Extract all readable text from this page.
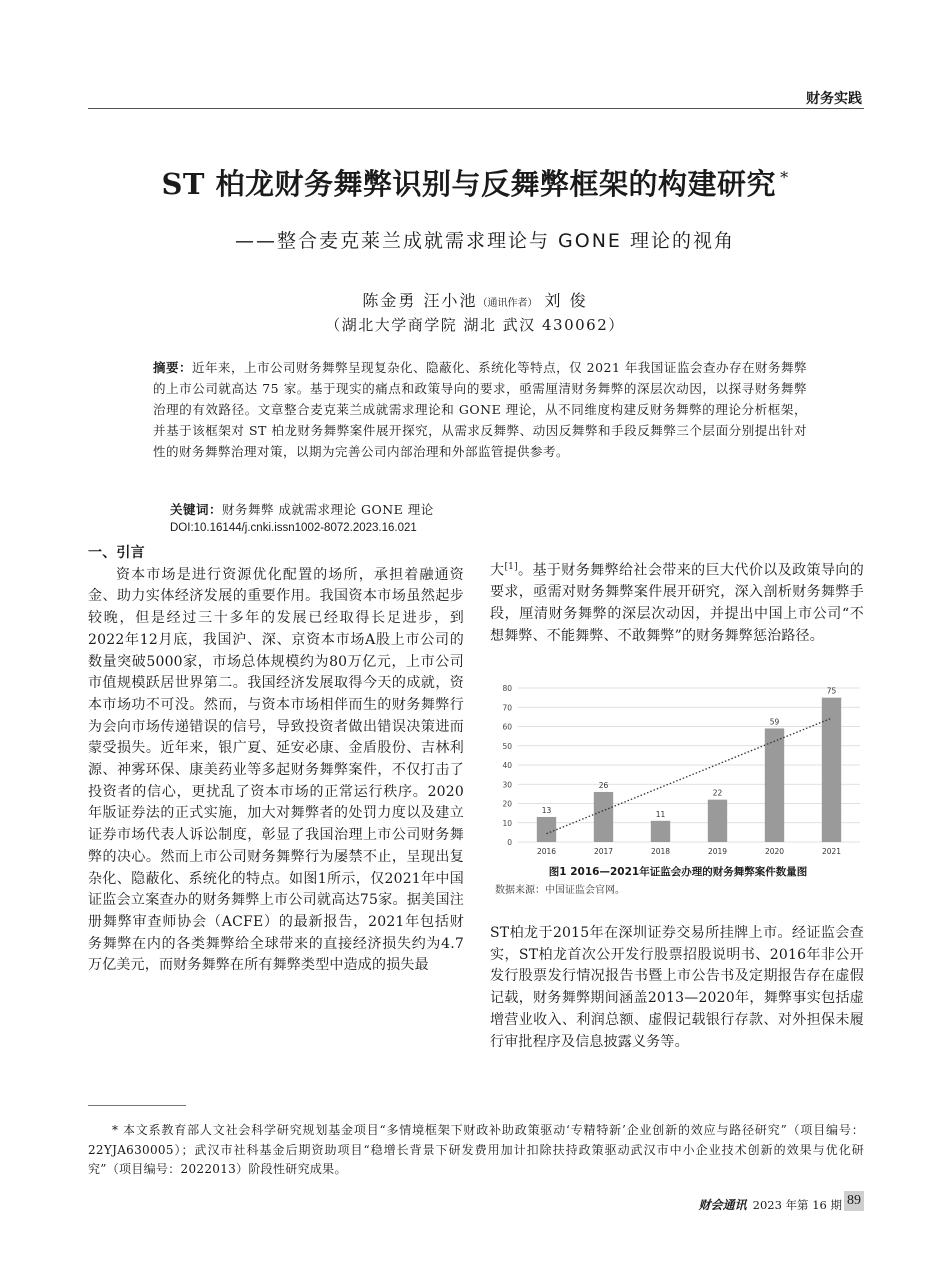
财务实践
ST 柏龙财务舞弊识别与反舞弊框架的构建研究 *
——整合麦克莱兰成就需求理论与 GONE 理论的视角
陈金勇 汪小池（通讯作者） 刘 俊
（湖北大学商学院 湖北 武汉 430062）
摘要：近年来，上市公司财务舞弊呈现复杂化、隐蔽化、系统化等特点，仅 2021 年我国证监会查办存在财务舞弊的上市公司就高达 75 家。基于现实的痛点和政策导向的要求，亟需厘清财务舞弊的深层次动因，以探寻财务舞弊治理的有效路径。文章整合麦克莱兰成就需求理论和 GONE 理论，从不同维度构建反财务舞弊的理论分析框架，并基于该框架对 ST 柏龙财务舞弊案件展开探究，从需求反舞弊、动因反舞弊和手段反舞弊三个层面分别提出针对性的财务舞弊治理对策，以期为完善公司内部治理和外部监管提供参考。
关键词：财务舞弊 成就需求理论 GONE 理论
DOI:10.16144/j.cnki.issn1002-8072.2023.16.021
一、引言

资本市场是进行资源优化配置的场所，承担着融通资金、助力实体经济发展的重要作用。我国资本市场虽然起步较晚，但是经过三十多年的发展已经取得长足进步，到2022年12月底，我国沪、深、京资本市场A股上市公司的数量突破5000家，市场总体规模约为80万亿元，上市公司市值规模跃居世界第二。我国经济发展取得今天的成就，资本市场功不可没。然而，与资本市场相伴而生的财务舞弊行为会向市场传递错误的信号，导致投资者做出错误决策进而蒙受损失。近年来，银广夏、延安必康、金盾股份、吉林利源、神雾环保、康美药业等多起财务舞弊案件，不仅打击了投资者的信心，更扰乱了资本市场的正常运行秩序。2020年版证券法的正式实施，加大对舞弊者的处罚力度以及建立证券市场代表人诉讼制度，彰显了我国治理上市公司财务舞弊的决心。然而上市公司财务舞弊行为屡禁不止，呈现出复杂化、隐蔽化、系统化的特点。如图1所示，仅2021年中国证监会立案查办的财务舞弊上市公司就高达75家。据美国注册舞弊审查师协会（ACFE）的最新报告，2021年包括财务舞弊在内的各类舞弊给全球带来的直接经济损失约为4.7万亿美元，而财务舞弊在所有舞弊类型中造成的损失最

大[1]。基于财务舞弊给社会带来的巨大代价以及政策导向的要求，亟需对财务舞弊案件展开研究，深入剖析财务舞弊手段，厘清财务舞弊的深层次动因，并提出中国上市公司“不想舞弊、不能舞弊、不敢舞弊”的财务舞弊惩治路径。

0
10
20
30
40
50
60
70
80
13
2016
26
2017
11
2018
22
2019
59
2020
75
2021
图1 2016—2021年证监会办理的财务舞弊案件数量图
数据来源：中国证监会官网。

ST柏龙于2015年在深圳证券交易所挂牌上市。经证监会查实，ST柏龙首次公开发行股票招股说明书、2016年非公开发行股票发行情况报告书暨上市公告书及定期报告存在虚假记载，财务舞弊期间涵盖2013—2020年，舞弊事实包括虚增营业收入、利润总额、虚假记载银行存款、对外担保未履行审批程序及信息披露义务等。

* 本文系教育部人文社会科学研究规划基金项目“多情境框架下财政补助政策驱动‘专精特新’企业创新的效应与路径研究”（项目编号：22YJA630005）；武汉市社科基金后期资助项目“稳增长背景下研发费用加计扣除扶持政策驱动武汉市中小企业技术创新的效果与优化研究”（项目编号：2022013）阶段性研究成果。
财会通讯 2023 年第 16 期 89
